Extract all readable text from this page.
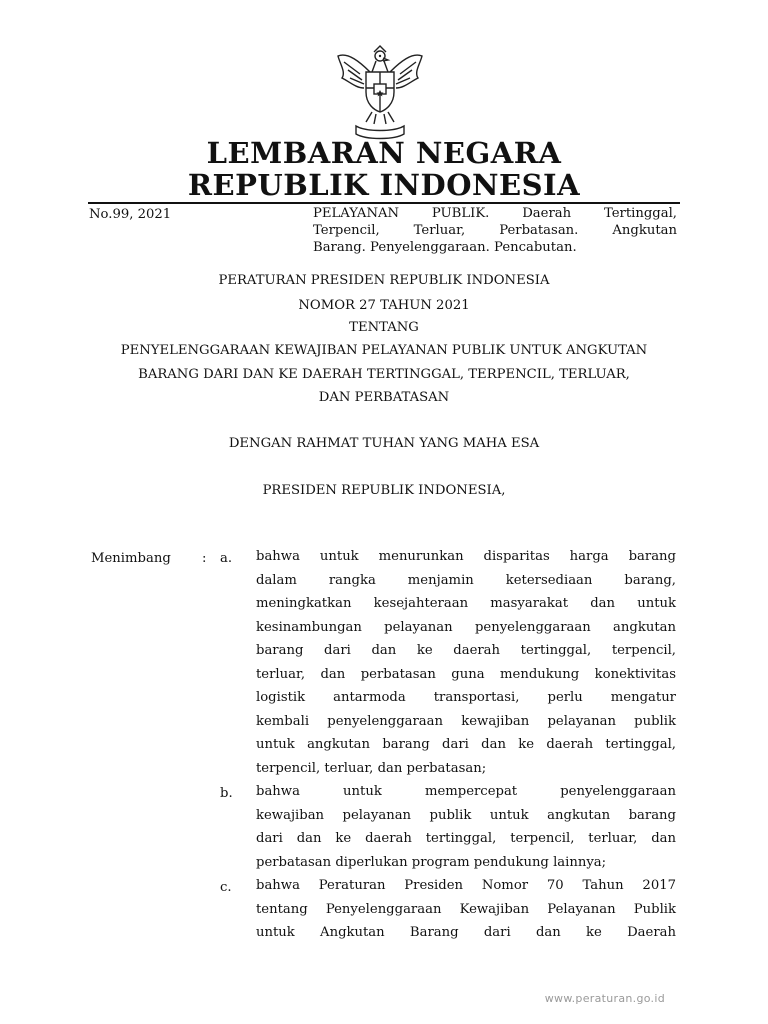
LEMBARAN NEGARA
REPUBLIK INDONESIA
No.99, 2021	PELAYANAN PUBLIK. Daerah Tertinggal,
Terpencil, Terluar, Perbatasan. Angkutan
Barang. Penyelenggaraan. Pencabutan.
PERATURAN PRESIDEN REPUBLIK INDONESIA
NOMOR 27 TAHUN 2021
TENTANG
PENYELENGGARAAN KEWAJIBAN PELAYANAN PUBLIK UNTUK ANGKUTAN
BARANG DARI DAN KE DAERAH TERTINGGAL, TERPENCIL, TERLUAR,
DAN PERBATASAN
DENGAN RAHMAT TUHAN YANG MAHA ESA
PRESIDEN REPUBLIK INDONESIA,
Menimbang : a. bahwa untuk menurunkan disparitas harga barang
dalam rangka menjamin ketersediaan barang,
meningkatkan kesejahteraan masyarakat dan untuk
kesinambungan pelayanan penyelenggaraan angkutan
barang dari dan ke daerah tertinggal, terpencil,
terluar, dan perbatasan guna mendukung konektivitas
logistik antarmoda transportasi, perlu mengatur
kembali penyelenggaraan kewajiban pelayanan publik
untuk angkutan barang dari dan ke daerah tertinggal,
terpencil, terluar, dan perbatasan;
b. bahwa untuk mempercepat penyelenggaraan
kewajiban pelayanan publik untuk angkutan barang
dari dan ke daerah tertinggal, terpencil, terluar, dan
perbatasan diperlukan program pendukung lainnya;
c. bahwa Peraturan Presiden Nomor 70 Tahun 2017
tentang Penyelenggaraan Kewajiban Pelayanan Publik
untuk Angkutan Barang dari dan ke Daerah
www.peraturan.go.id
